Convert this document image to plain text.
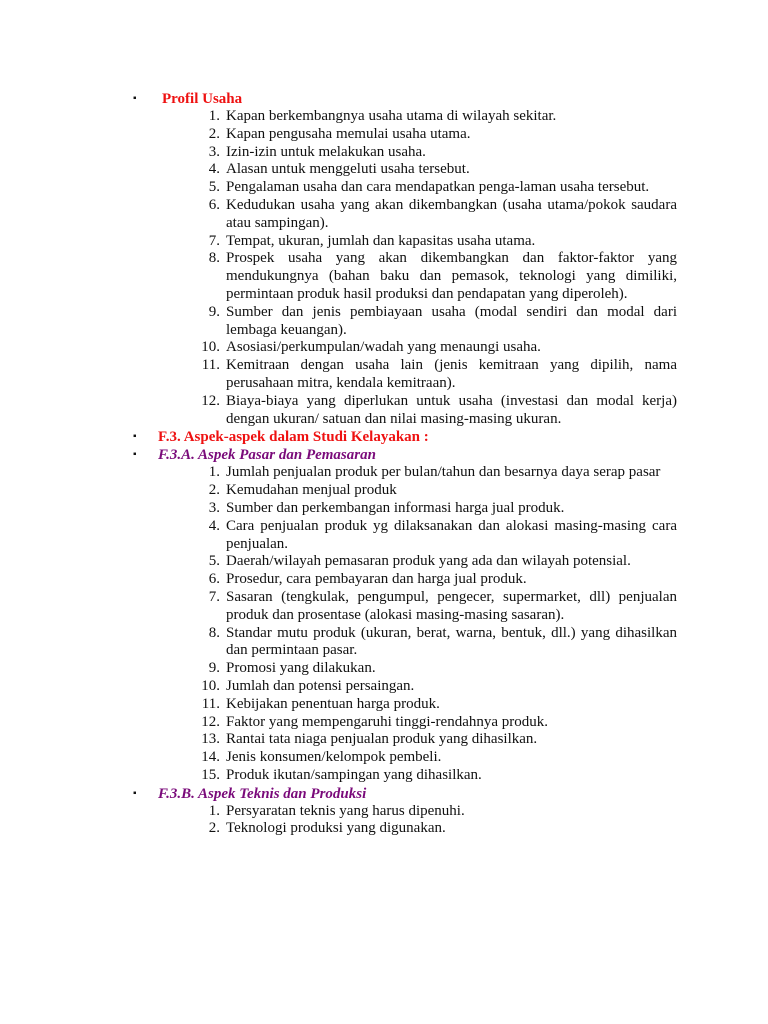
▪ Profil Usaha
1. Kapan berkembangnya usaha utama di wilayah sekitar.
2. Kapan pengusaha memulai usaha utama.
3. Izin-izin untuk melakukan usaha.
4. Alasan untuk menggeluti usaha tersebut.
5. Pengalaman usaha dan cara mendapatkan penga-laman usaha tersebut.
6. Kedudukan usaha yang akan dikembangkan (usaha utama/pokok saudara atau sampingan).
7. Tempat, ukuran, jumlah dan kapasitas usaha utama.
8. Prospek usaha yang akan dikembangkan dan faktor-faktor yang mendukungnya (bahan baku dan pemasok, teknologi yang dimiliki, permintaan produk hasil produksi dan pendapatan yang diperoleh).
9. Sumber dan jenis pembiayaan usaha (modal sendiri dan modal dari lembaga keuangan).
10. Asosiasi/perkumpulan/wadah yang menaungi usaha.
11. Kemitraan dengan usaha lain (jenis kemitraan yang dipilih, nama perusahaan mitra, kendala kemitraan).
12. Biaya-biaya yang diperlukan untuk usaha (investasi dan modal kerja) dengan ukuran/ satuan dan nilai masing-masing ukuran.
▪ F.3. Aspek-aspek dalam Studi Kelayakan :
▪ F.3.A. Aspek Pasar dan Pemasaran
1. Jumlah penjualan produk per bulan/tahun dan besarnya daya serap pasar
2. Kemudahan menjual produk
3. Sumber dan perkembangan informasi harga jual produk.
4. Cara penjualan produk yg dilaksanakan dan alokasi masing-masing cara penjualan.
5. Daerah/wilayah pemasaran produk yang ada dan wilayah potensial.
6. Prosedur, cara pembayaran dan harga jual produk.
7. Sasaran (tengkulak, pengumpul, pengecer, supermarket, dll) penjualan produk dan prosentase (alokasi masing-masing sasaran).
8. Standar mutu produk (ukuran, berat, warna, bentuk, dll.) yang dihasilkan dan permintaan pasar.
9. Promosi yang dilakukan.
10. Jumlah dan potensi persaingan.
11. Kebijakan penentuan harga produk.
12. Faktor yang mempengaruhi tinggi-rendahnya produk.
13. Rantai tata niaga penjualan produk yang dihasilkan.
14. Jenis konsumen/kelompok pembeli.
15. Produk ikutan/sampingan yang dihasilkan.
▪ F.3.B. Aspek Teknis dan Produksi
1. Persyaratan teknis yang harus dipenuhi.
2. Teknologi produksi yang digunakan.
